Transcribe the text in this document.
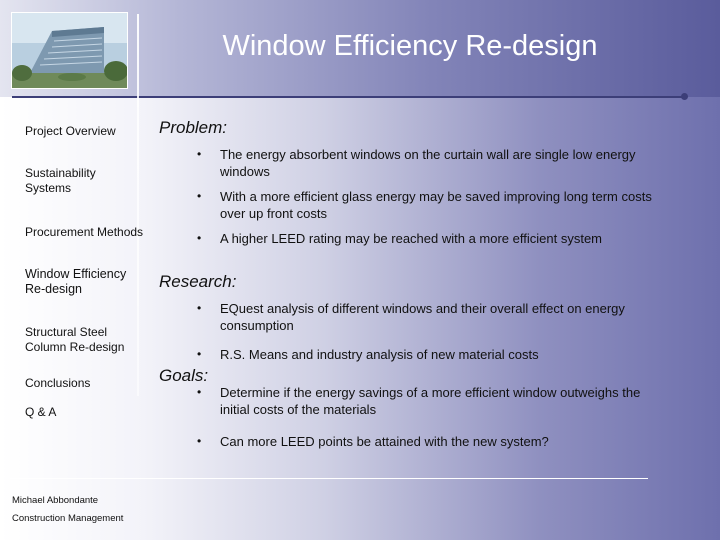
Window Efficiency Re-design
Project Overview
Sustainability Systems
Procurement Methods
Window Efficiency Re-design
Structural Steel Column Re-design
Conclusions
Q & A
Michael Abbondante
Construction Management
Problem:
• The energy absorbent windows on the curtain wall are single low energy windows
• With a more efficient glass energy may be saved improving long term costs over up front costs
• A higher LEED rating may be reached with a more efficient system
Research:
• EQuest analysis of different windows and their overall effect on energy consumption
• R.S. Means and industry analysis of new material costs
Goals:
• Determine if the energy savings of a more efficient window outweighs the initial costs of the materials
• Can more LEED points be attained with the new system?
